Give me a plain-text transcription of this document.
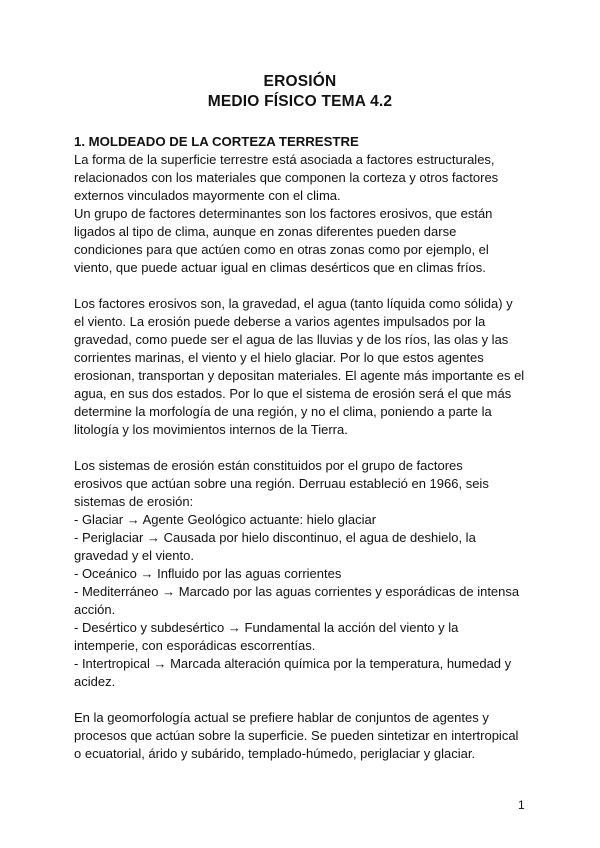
EROSIÓN
MEDIO FÍSICO TEMA 4.2
1. MOLDEADO DE LA CORTEZA TERRESTRE
La forma de la superficie terrestre está asociada a factores estructurales,
relacionados con los materiales que componen la corteza y otros factores
externos vinculados mayormente con el clima.
Un grupo de factores determinantes son los factores erosivos, que están
ligados al tipo de clima, aunque en zonas diferentes pueden darse
condiciones para que actúen como en otras zonas como por ejemplo, el
viento, que puede actuar igual en climas desérticos que en climas fríos.
Los factores erosivos son, la gravedad, el agua (tanto líquida como sólida) y
el viento. La erosión puede deberse a varios agentes impulsados por la
gravedad, como puede ser el agua de las lluvias y de los ríos, las olas y las
corrientes marinas, el viento y el hielo glaciar. Por lo que estos agentes
erosionan, transportan y depositan materiales. El agente más importante es el
agua, en sus dos estados. Por lo que el sistema de erosión será el que más
determine la morfología de una región, y no el clima, poniendo a parte la
litología y los movimientos internos de la Tierra.
Los sistemas de erosión están constituidos por el grupo de factores
erosivos que actúan sobre una región. Derruau estableció en 1966, seis
sistemas de erosión:
- Glaciar → Agente Geológico actuante: hielo glaciar
- Periglaciar → Causada por hielo discontinuo, el agua de deshielo, la
gravedad y el viento.
- Oceánico → Influido por las aguas corrientes
- Mediterráneo → Marcado por las aguas corrientes y esporádicas de intensa
acción.
- Desértico y subdesértico → Fundamental la acción del viento y la
intemperie, con esporádicas escorrentías.
- Intertropical → Marcada alteración química por la temperatura, humedad y
acidez.
En la geomorfología actual se prefiere hablar de conjuntos de agentes y
procesos que actúan sobre la superficie. Se pueden sintetizar en intertropical
o ecuatorial, árido y subárido, templado-húmedo, periglaciar y glaciar.
1
